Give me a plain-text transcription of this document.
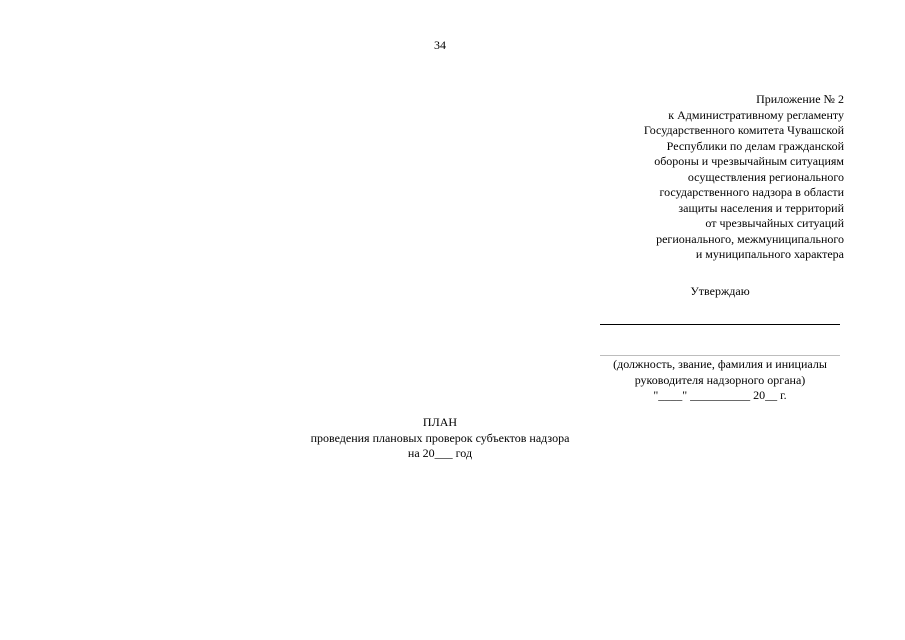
34
Приложение № 2
к Административному регламенту
Государственного комитета Чувашской
Республики по делам гражданской
обороны и чрезвычайным ситуациям
осуществления регионального
государственного надзора в области
защиты населения и территорий
от чрезвычайных ситуаций
регионального, межмуниципального
и муниципального характера
Утверждаю
(должность, звание, фамилия и инициалы
руководителя надзорного органа)
"____" __________ 20__ г.
ПЛАН
проведения плановых проверок субъектов надзора
на 20___ год
